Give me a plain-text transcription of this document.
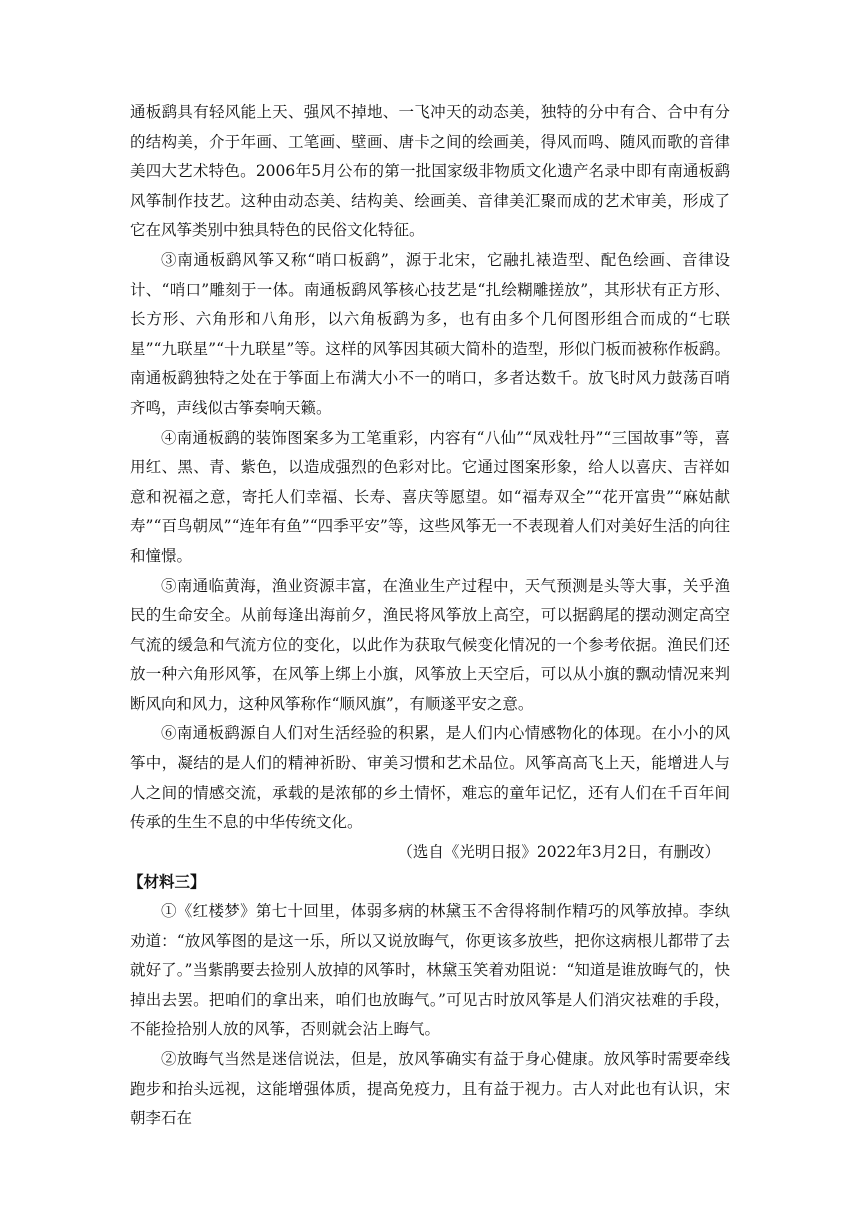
通板鹞具有轻风能上天、强风不掉地、一飞冲天的动态美，独特的分中有合、合中有分的结构美，介于年画、工笔画、壁画、唐卡之间的绘画美，得风而鸣、随风而歌的音律美四大艺术特色。2006年5月公布的第一批国家级非物质文化遗产名录中即有南通板鹞风筝制作技艺。这种由动态美、结构美、绘画美、音律美汇聚而成的艺术审美，形成了它在风筝类别中独具特色的民俗文化特征。

③南通板鹞风筝又称“哨口板鹞”，源于北宋，它融扎裱造型、配色绘画、音律设计、“哨口”雕刻于一体。南通板鹞风筝核心技艺是“扎绘糊雕搓放”，其形状有正方形、长方形、六角形和八角形，以六角板鹞为多，也有由多个几何图形组合而成的“七联星”“九联星”“十九联星”等。这样的风筝因其硕大简朴的造型，形似门板而被称作板鹞。南通板鹞独特之处在于筝面上布满大小不一的哨口，多者达数千。放飞时风力鼓荡百哨齐鸣，声线似古筝奏响天籁。

④南通板鹞的装饰图案多为工笔重彩，内容有“八仙”“凤戏牡丹”“三国故事”等，喜用红、黑、青、紫色，以造成强烈的色彩对比。它通过图案形象，给人以喜庆、吉祥如意和祝福之意，寄托人们幸福、长寿、喜庆等愿望。如“福寿双全”“花开富贵”“麻姑献寿”“百鸟朝凤”“连年有鱼”“四季平安”等，这些风筝无一不表现着人们对美好生活的向往和憧憬。

⑤南通临黄海，渔业资源丰富，在渔业生产过程中，天气预测是头等大事，关乎渔民的生命安全。从前每逢出海前夕，渔民将风筝放上高空，可以据鹞尾的摆动测定高空气流的缓急和气流方位的变化，以此作为获取气候变化情况的一个参考依据。渔民们还放一种六角形风筝，在风筝上绑上小旗，风筝放上天空后，可以从小旗的飘动情况来判断风向和风力，这种风筝称作“顺风旗”，有顺遂平安之意。

⑥南通板鹞源自人们对生活经验的积累，是人们内心情感物化的体现。在小小的风筝中，凝结的是人们的精神祈盼、审美习惯和艺术品位。风筝高高飞上天，能增进人与人之间的情感交流，承载的是浓郁的乡土情怀，难忘的童年记忆，还有人们在千百年间传承的生生不息的中华传统文化。

（选自《光明日报》2022年3月2日，有删改）

【材料三】

①《红楼梦》第七十回里，体弱多病的林黛玉不舍得将制作精巧的风筝放掉。李纨劝道：“放风筝图的是这一乐，所以又说放晦气，你更该多放些，把你这病根儿都带了去就好了。”当紫鹃要去捡别人放掉的风筝时，林黛玉笑着劝阻说：“知道是谁放晦气的，快掉出去罢。把咱们的拿出来，咱们也放晦气。”可见古时放风筝是人们消灾祛难的手段，不能捡拾别人放的风筝，否则就会沾上晦气。

②放晦气当然是迷信说法，但是，放风筝确实有益于身心健康。放风筝时需要牵线跑步和抬头远视，这能增强体质，提高免疫力，且有益于视力。古人对此也有认识，宋朝李石在
